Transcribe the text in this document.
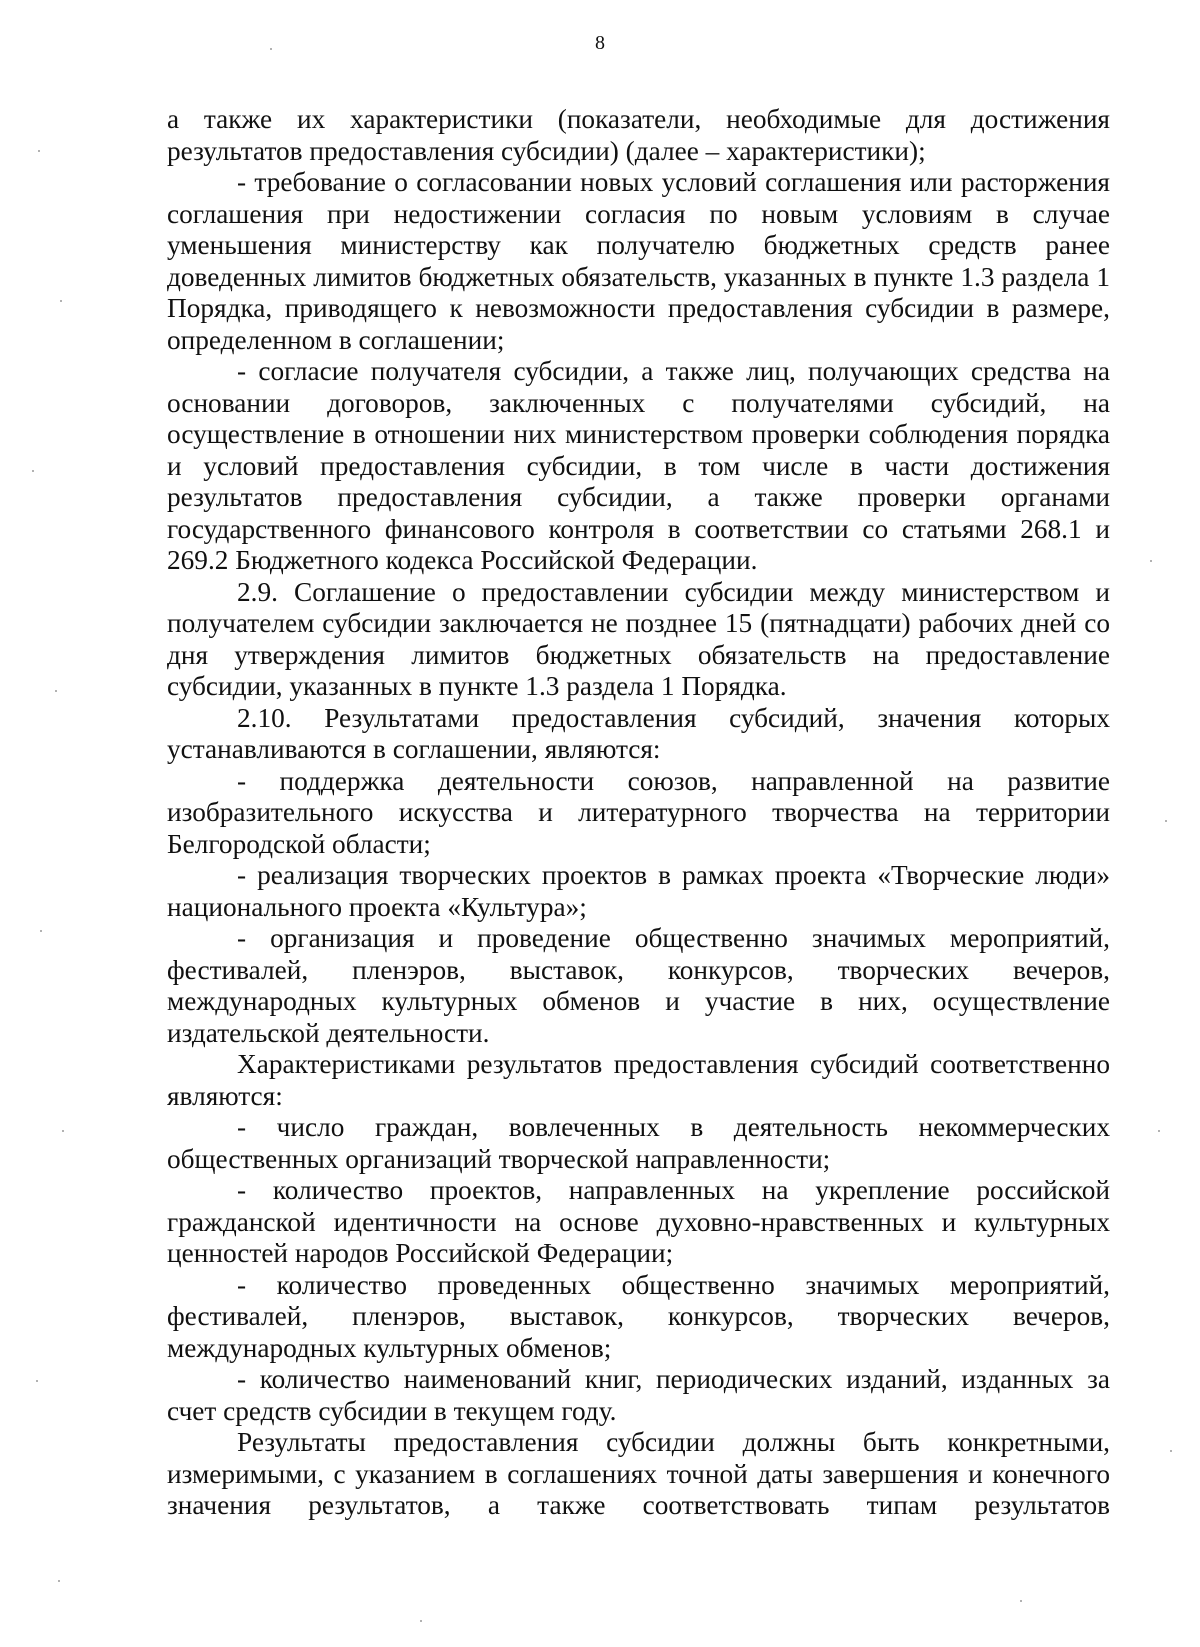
8

а также их характеристики (показатели, необходимые для достижения результатов предоставления субсидии) (далее – характеристики);

- требование о согласовании новых условий соглашения или расторжения соглашения при недостижении согласия по новым условиям в случае уменьшения министерству как получателю бюджетных средств ранее доведенных лимитов бюджетных обязательств, указанных в пункте 1.3 раздела 1 Порядка, приводящего к невозможности предоставления субсидии в размере, определенном в соглашении;

- согласие получателя субсидии, а также лиц, получающих средства на основании договоров, заключенных с получателями субсидий, на осуществление в отношении них министерством проверки соблюдения порядка и условий предоставления субсидии, в том числе в части достижения результатов предоставления субсидии, а также проверки органами государственного финансового контроля в соответствии со статьями 268.1 и 269.2 Бюджетного кодекса Российской Федерации.

2.9. Соглашение о предоставлении субсидии между министерством и получателем субсидии заключается не позднее 15 (пятнадцати) рабочих дней со дня утверждения лимитов бюджетных обязательств на предоставление субсидии, указанных в пункте 1.3 раздела 1 Порядка.

2.10. Результатами предоставления субсидий, значения которых устанавливаются в соглашении, являются:

- поддержка деятельности союзов, направленной на развитие изобразительного искусства и литературного творчества на территории Белгородской области;

- реализация творческих проектов в рамках проекта «Творческие люди» национального проекта «Культура»;

- организация и проведение общественно значимых мероприятий, фестивалей, пленэров, выставок, конкурсов, творческих вечеров, международных культурных обменов и участие в них, осуществление издательской деятельности.

Характеристиками результатов предоставления субсидий соответственно являются:

- число граждан, вовлеченных в деятельность некоммерческих общественных организаций творческой направленности;

- количество проектов, направленных на укрепление российской гражданской идентичности на основе духовно-нравственных и культурных ценностей народов Российской Федерации;

- количество проведенных общественно значимых мероприятий, фестивалей, пленэров, выставок, конкурсов, творческих вечеров, международных культурных обменов;

- количество наименований книг, периодических изданий, изданных за счет средств субсидии в текущем году.

Результаты предоставления субсидии должны быть конкретными, измеримыми, с указанием в соглашениях точной даты завершения и конечного значения результатов, а также соответствовать типам результатов
